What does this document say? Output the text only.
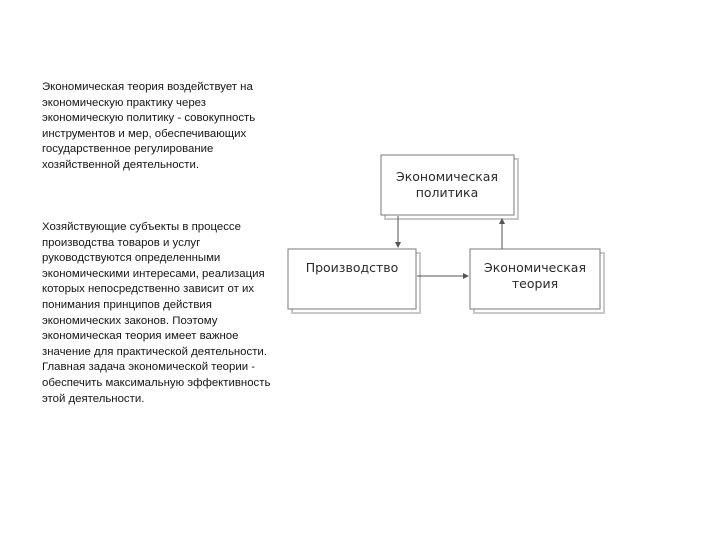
Экономическая теория воздействует на экономическую практику через экономическую политику - совокупность инструментов и мер, обеспечивающих государственное регулирование хозяйственной деятельности.
Хозяйствующие субъекты в процессе производства товаров и услуг руководствуются определенными экономическими интересами, реализация которых непосредственно зависит от их понимания принципов действия экономических законов. Поэтому экономическая теория имеет важное значение для практической деятельности. Главная задача экономической теории - обеспечить максимальную эффективность этой деятельности.
Экономическая
политика
Производство	Экономическая
теория
